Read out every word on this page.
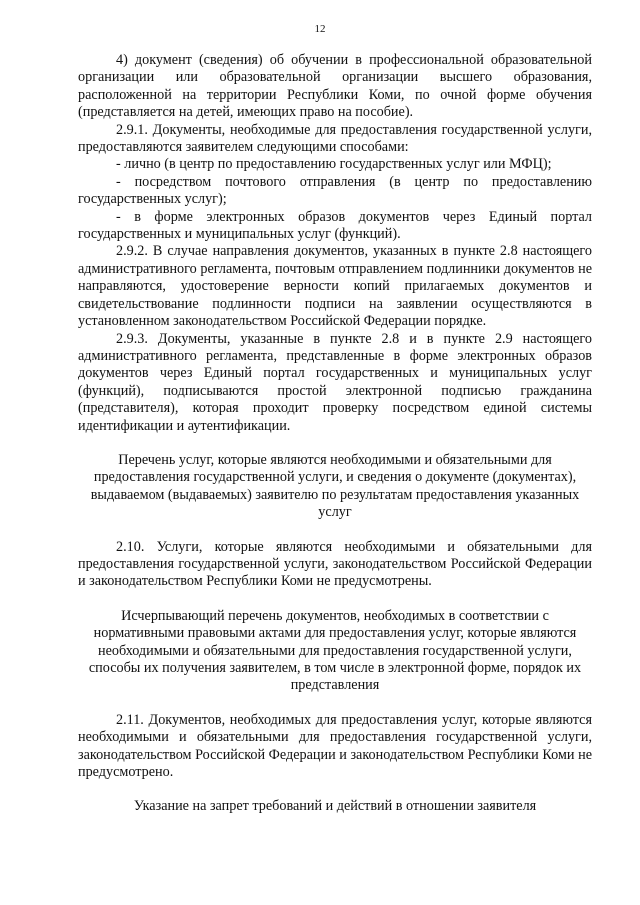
12

4) документ (сведения) об обучении в профессиональной образовательной организации или образовательной организации высшего образования, расположенной на территории Республики Коми, по очной форме обучения (представляется на детей, имеющих право на пособие).

2.9.1. Документы, необходимые для предоставления государственной услуги, предоставляются заявителем следующими способами:

- лично (в центр по предоставлению государственных услуг или МФЦ);

- посредством почтового отправления (в центр по предоставлению государственных услуг);

- в форме электронных образов документов через Единый портал государственных и муниципальных услуг (функций).

2.9.2. В случае направления документов, указанных в пункте 2.8 настоящего административного регламента, почтовым отправлением подлинники документов не направляются, удостоверение верности копий прилагаемых документов и свидетельствование подлинности подписи на заявлении осуществляются в установленном законодательством Российской Федерации порядке.

2.9.3. Документы, указанные в пункте 2.8 и в пункте 2.9 настоящего административного регламента, представленные в форме электронных образов документов через Единый портал государственных и муниципальных услуг (функций), подписываются простой электронной подписью гражданина (представителя), которая проходит проверку посредством единой системы идентификации и аутентификации.

Перечень услуг, которые являются необходимыми и обязательными для предоставления государственной услуги, и сведения о документе (документах), выдаваемом (выдаваемых) заявителю по результатам предоставления указанных услуг

2.10. Услуги, которые являются необходимыми и обязательными для предоставления государственной услуги, законодательством Российской Федерации и законодательством Республики Коми не предусмотрены.

Исчерпывающий перечень документов, необходимых в соответствии с нормативными правовыми актами для предоставления услуг, которые являются необходимыми и обязательными для предоставления государственной услуги, способы их получения заявителем, в том числе в электронной форме, порядок их представления

2.11. Документов, необходимых для предоставления услуг, которые являются необходимыми и обязательными для предоставления государственной услуги, законодательством Российской Федерации и законодательством Республики Коми не предусмотрено.

Указание на запрет требований и действий в отношении заявителя
